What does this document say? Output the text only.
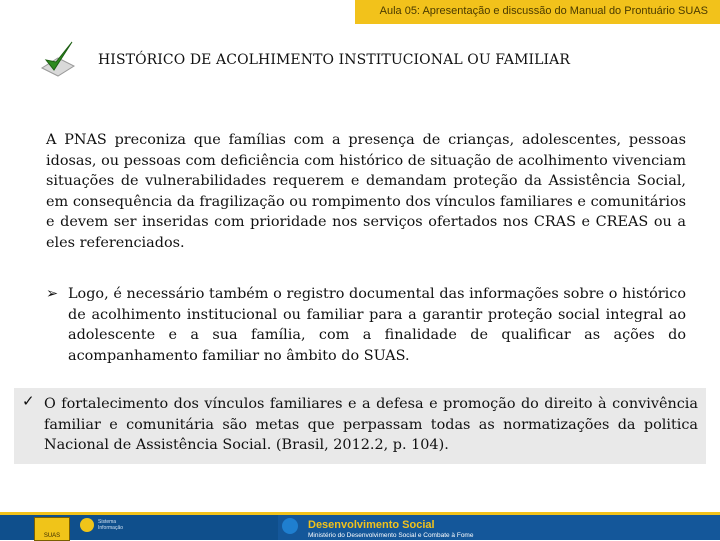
Aula 05: Apresentação e discussão do Manual do Prontuário SUAS
HISTÓRICO DE ACOLHIMENTO INSTITUCIONAL OU FAMILIAR
A PNAS preconiza que famílias com a presença de crianças, adolescentes, pessoas idosas, ou pessoas com deficiência com histórico de situação de acolhimento vivenciam situações de vulnerabilidades requerem e demandam proteção da Assistência Social, em consequência da fragilização ou rompimento dos vínculos familiares e comunitários e devem ser inseridas com prioridade nos serviços ofertados nos CRAS e CREAS ou a eles referenciados.
➢ Logo, é necessário também o registro documental das informações sobre o histórico de acolhimento institucional ou familiar para a garantir proteção social integral ao adolescente e a sua família, com a finalidade de qualificar as ações do acompanhamento familiar no âmbito do SUAS.
✓ O fortalecimento dos vínculos familiares e a defesa e promoção do direito à convivência familiar e comunitária são metas que perpassam todas as normatizações da politica Nacional de Assistência Social. (Brasil, 2012.2, p. 104).
SUAS
Sistema Informação	Desenvolvimento Social
Ministério do Desenvolvimento Social e Combate à Fome
